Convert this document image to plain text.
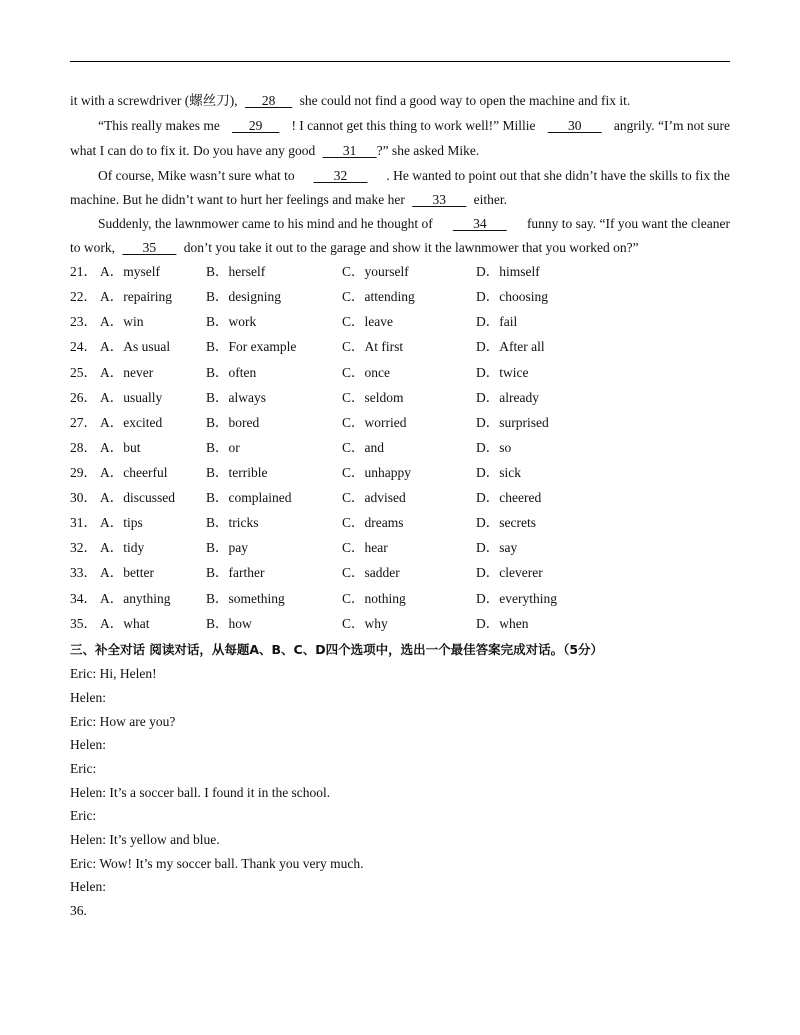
it with a screwdriver (螺丝刀),      28      she could not find a good way to open the machine and fix it.
“This really makes me 29 ! I cannot get this thing to work well!” Millie 30 angrily. “I’m not sure
what I can do to fix it. Do you have any good       31      ?” she asked Mike.
Of course, Mike wasn’t sure what to 32 . He wanted to point out that she didn’t have the skills to fix the
machine. But he didn’t want to hurt her feelings and make her       33       either.
Suddenly, the lawnmower came to his mind and he thought of 34 funny to say. “If you want the cleaner
to work,       35       don’t you take it out to the garage and show it the lawnmower that you worked on?”
21． A．myself	B．herself	C．yourself	D．himself
22． A．repairing	B．designing	C．attending	D．choosing
23． A．win	B．work	C．leave	D．fail
24． A．As usual	B．For example	C．At first	D．After all
25． A．never	B．often	C．once	D．twice
26． A．usually	B．always	C．seldom	D．already
27． A．excited	B．bored	C．worried	D．surprised
28． A．but	B．or	C．and	D．so
29． A．cheerful	B．terrible	C．unhappy	D．sick
30． A．discussed B．complained	C．advised	D．cheered
31． A．tips	B．tricks	C．dreams	D．secrets
32． A．tidy	B．pay	C．hear	D．say
33． A．better	B．farther	C．sadder	D．cleverer
34． A．anything	B．something	C．nothing	D．everything
35． A．what	B．how	C．why	D．when
三、补全对话 阅读对话，从每题A、B、C、D四个选项中，选出一个最佳答案完成对话。（5分）
Eric: Hi, Helen!
Helen:
Eric: How are you?
Helen:
Eric:
Helen: It’s a soccer ball. I found it in the school.
Eric:
Helen: It’s yellow and blue.
Eric: Wow! It’s my soccer ball. Thank you very much.
Helen:
36.
